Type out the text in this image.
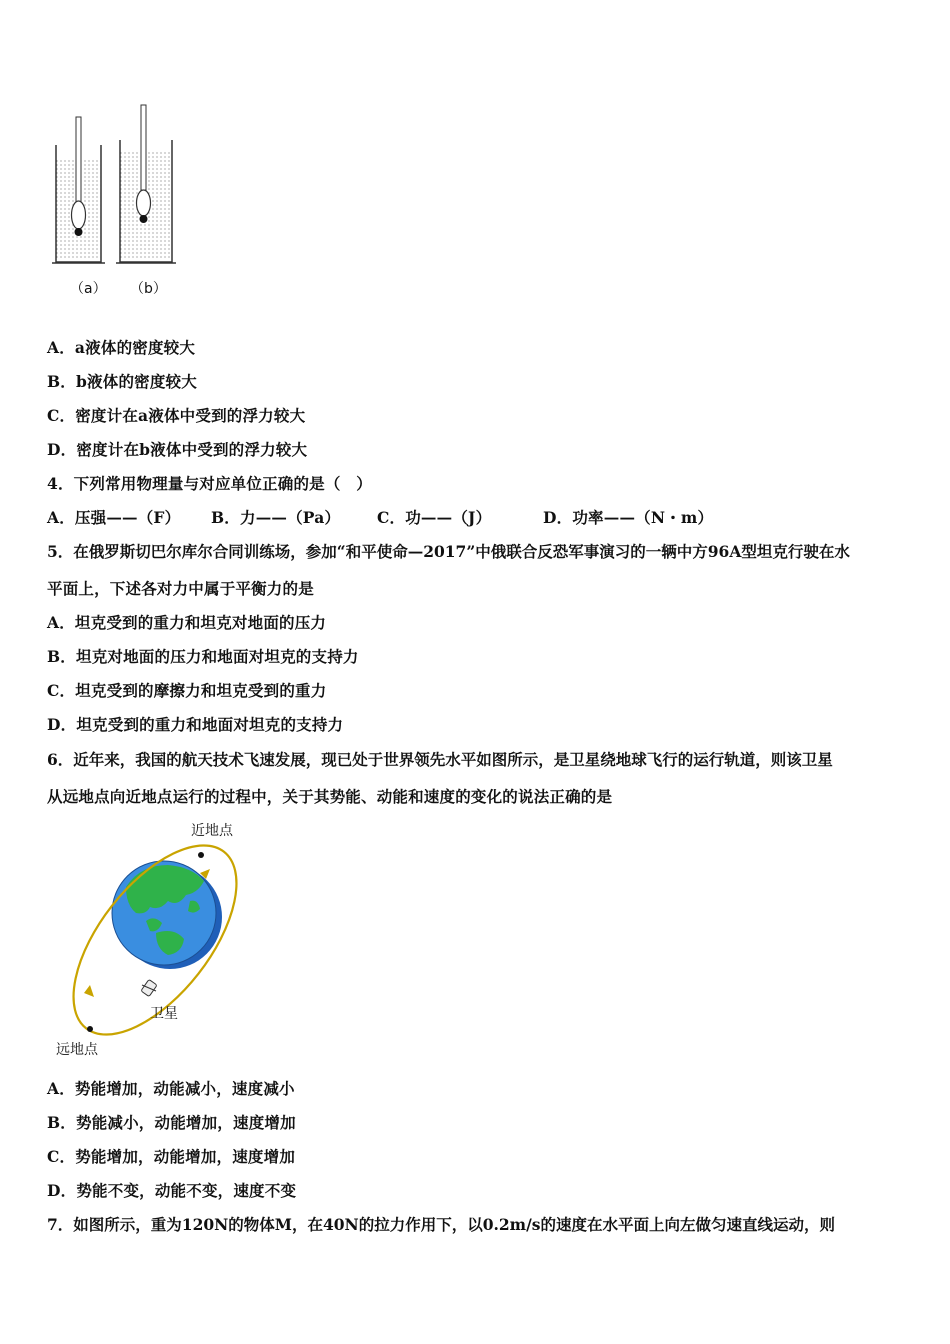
（a） （b）
A．a液体的密度较大
B．b液体的密度较大
C．密度计在a液体中受到的浮力较大
D．密度计在b液体中受到的浮力较大
4．下列常用物理量与对应单位正确的是（　）
A．压强——（F） B．力——（Pa） C．功——（J）	D．功率——（N・m）
5．在俄罗斯切巴尔库尔合同训练场，参加“和平使命—2017”中俄联合反恐军事演习的一辆中方96A型坦克行驶在水
平面上，下述各对力中属于平衡力的是
A．坦克受到的重力和坦克对地面的压力
B．坦克对地面的压力和地面对坦克的支持力
C．坦克受到的摩擦力和坦克受到的重力
D．坦克受到的重力和地面对坦克的支持力
6．近年来，我国的航天技术飞速发展，现已处于世界领先水平如图所示，是卫星绕地球飞行的运行轨道，则该卫星
从远地点向近地点运行的过程中，关于其势能、动能和速度的变化的说法正确的是
近地点
远地点
卫星
A．势能增加，动能减小，速度减小
B．势能减小，动能增加，速度增加
C．势能增加，动能增加，速度增加
D．势能不变，动能不变，速度不变
7．如图所示，重为120N的物体M，在40N的拉力作用下，以0.2m/s的速度在水平面上向左做匀速直线运动，则
